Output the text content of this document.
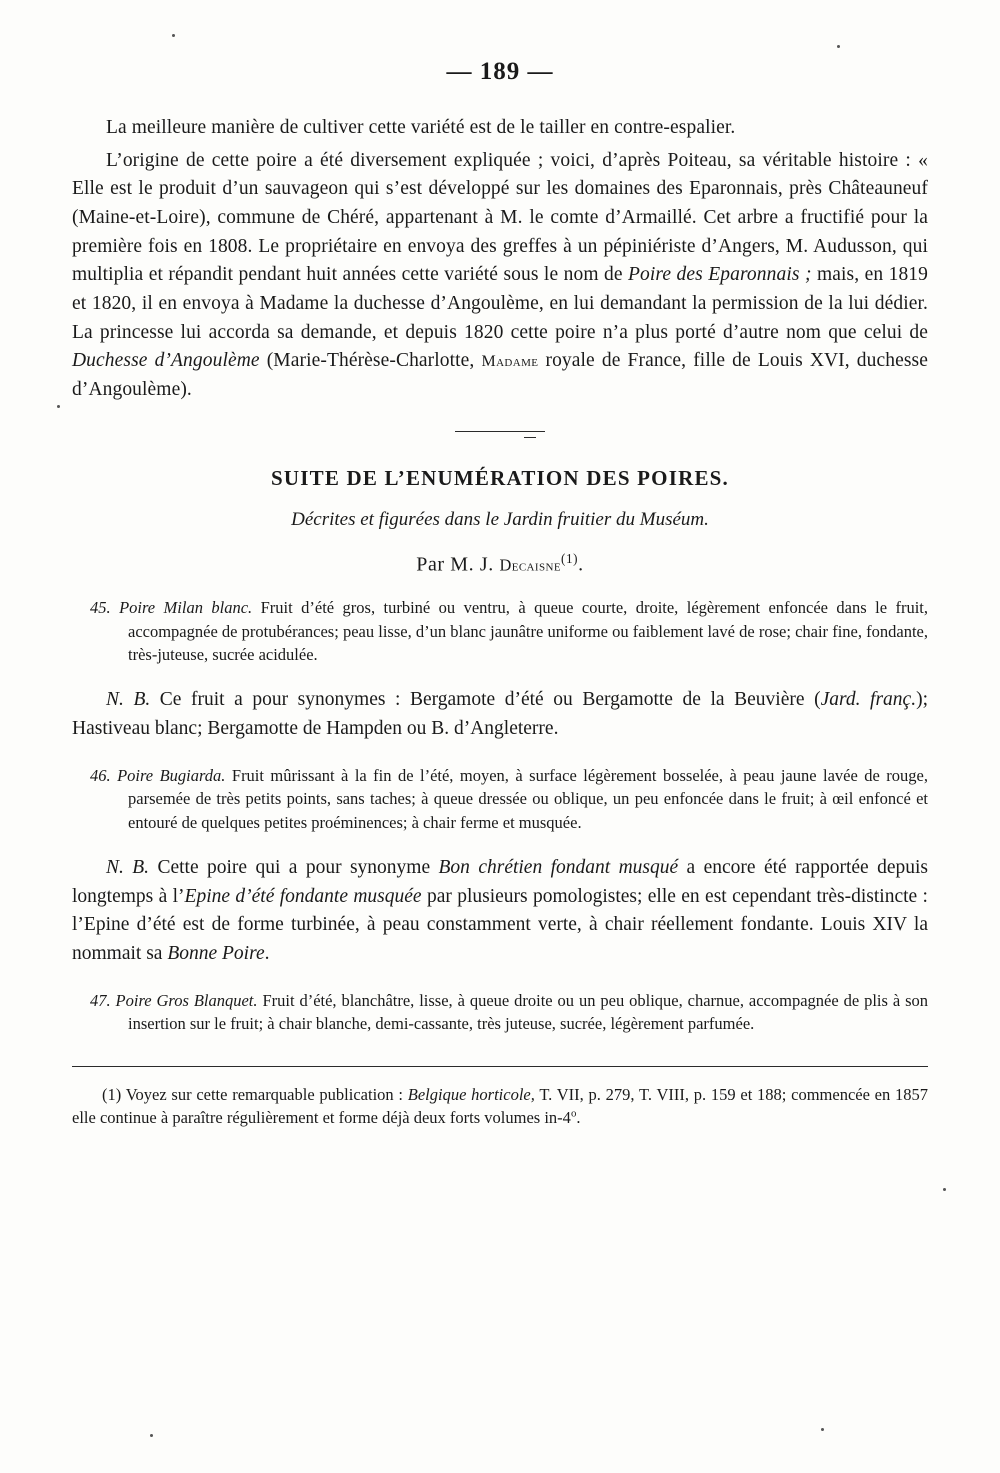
— 189 —

La meilleure manière de cultiver cette variété est de le tailler en contre-espalier.

L’origine de cette poire a été diversement expliquée ; voici, d’après Poiteau, sa véritable histoire : « Elle est le produit d’un sauvageon qui s’est développé sur les domaines des Eparonnais, près Châteauneuf (Maine-et-Loire), commune de Chéré, appartenant à M. le comte d’Armaillé. Cet arbre a fructifié pour la première fois en 1808. Le propriétaire en envoya des greffes à un pépiniériste d’Angers, M. Audusson, qui multiplia et répandit pendant huit années cette variété sous le nom de Poire des Eparonnais ; mais, en 1819 et 1820, il en envoya à Madame la duchesse d’Angoulème, en lui demandant la permission de la lui dédier. La princesse lui accorda sa demande, et depuis 1820 cette poire n’a plus porté d’autre nom que celui de Duchesse d’Angoulème (Marie-Thérèse-Charlotte, Madame royale de France, fille de Louis XVI, duchesse d’Angoulème).

SUITE DE L’ENUMÉRATION DES POIRES.

Décrites et figurées dans le Jardin fruitier du Muséum.

Par M. J. Decaisne$^{(1)}$.

45. Poire Milan blanc. Fruit d’été gros, turbiné ou ventru, à queue courte, droite, légèrement enfoncée dans le fruit, accompagnée de protubérances; peau lisse, d’un blanc jaunâtre uniforme ou faiblement lavé de rose; chair fine, fondante, très-juteuse, sucrée acidulée.

N. B. Ce fruit a pour synonymes : Bergamote d’été ou Bergamotte de la Beuvière (Jard. franç.); Hastiveau blanc; Bergamotte de Hampden ou B. d’Angleterre.

46. Poire Bugiarda. Fruit mûrissant à la fin de l’été, moyen, à surface légèrement bosselée, à peau jaune lavée de rouge, parsemée de très petits points, sans taches; à queue dressée ou oblique, un peu enfoncée dans le fruit; à œil enfoncé et entouré de quelques petites proéminences; à chair ferme et musquée.

N. B. Cette poire qui a pour synonyme Bon chrétien fondant musqué a encore été rapportée depuis longtemps à l’Epine d’été fondante musquée par plusieurs pomologistes; elle en est cependant très-distincte : l’Epine d’été est de forme turbinée, à peau constamment verte, à chair réellement fondante. Louis XIV la nommait sa Bonne Poire.

47. Poire Gros Blanquet. Fruit d’été, blanchâtre, lisse, à queue droite ou un peu oblique, charnue, accompagnée de plis à son insertion sur le fruit; à chair blanche, demi-cassante, très juteuse, sucrée, légèrement parfumée.

(1) Voyez sur cette remarquable publication : Belgique horticole, T. VII, p. 279, T. VIII, p. 159 et 188; commencée en 1857 elle continue à paraître régulièrement et forme déjà deux forts volumes in-4$^o$.
